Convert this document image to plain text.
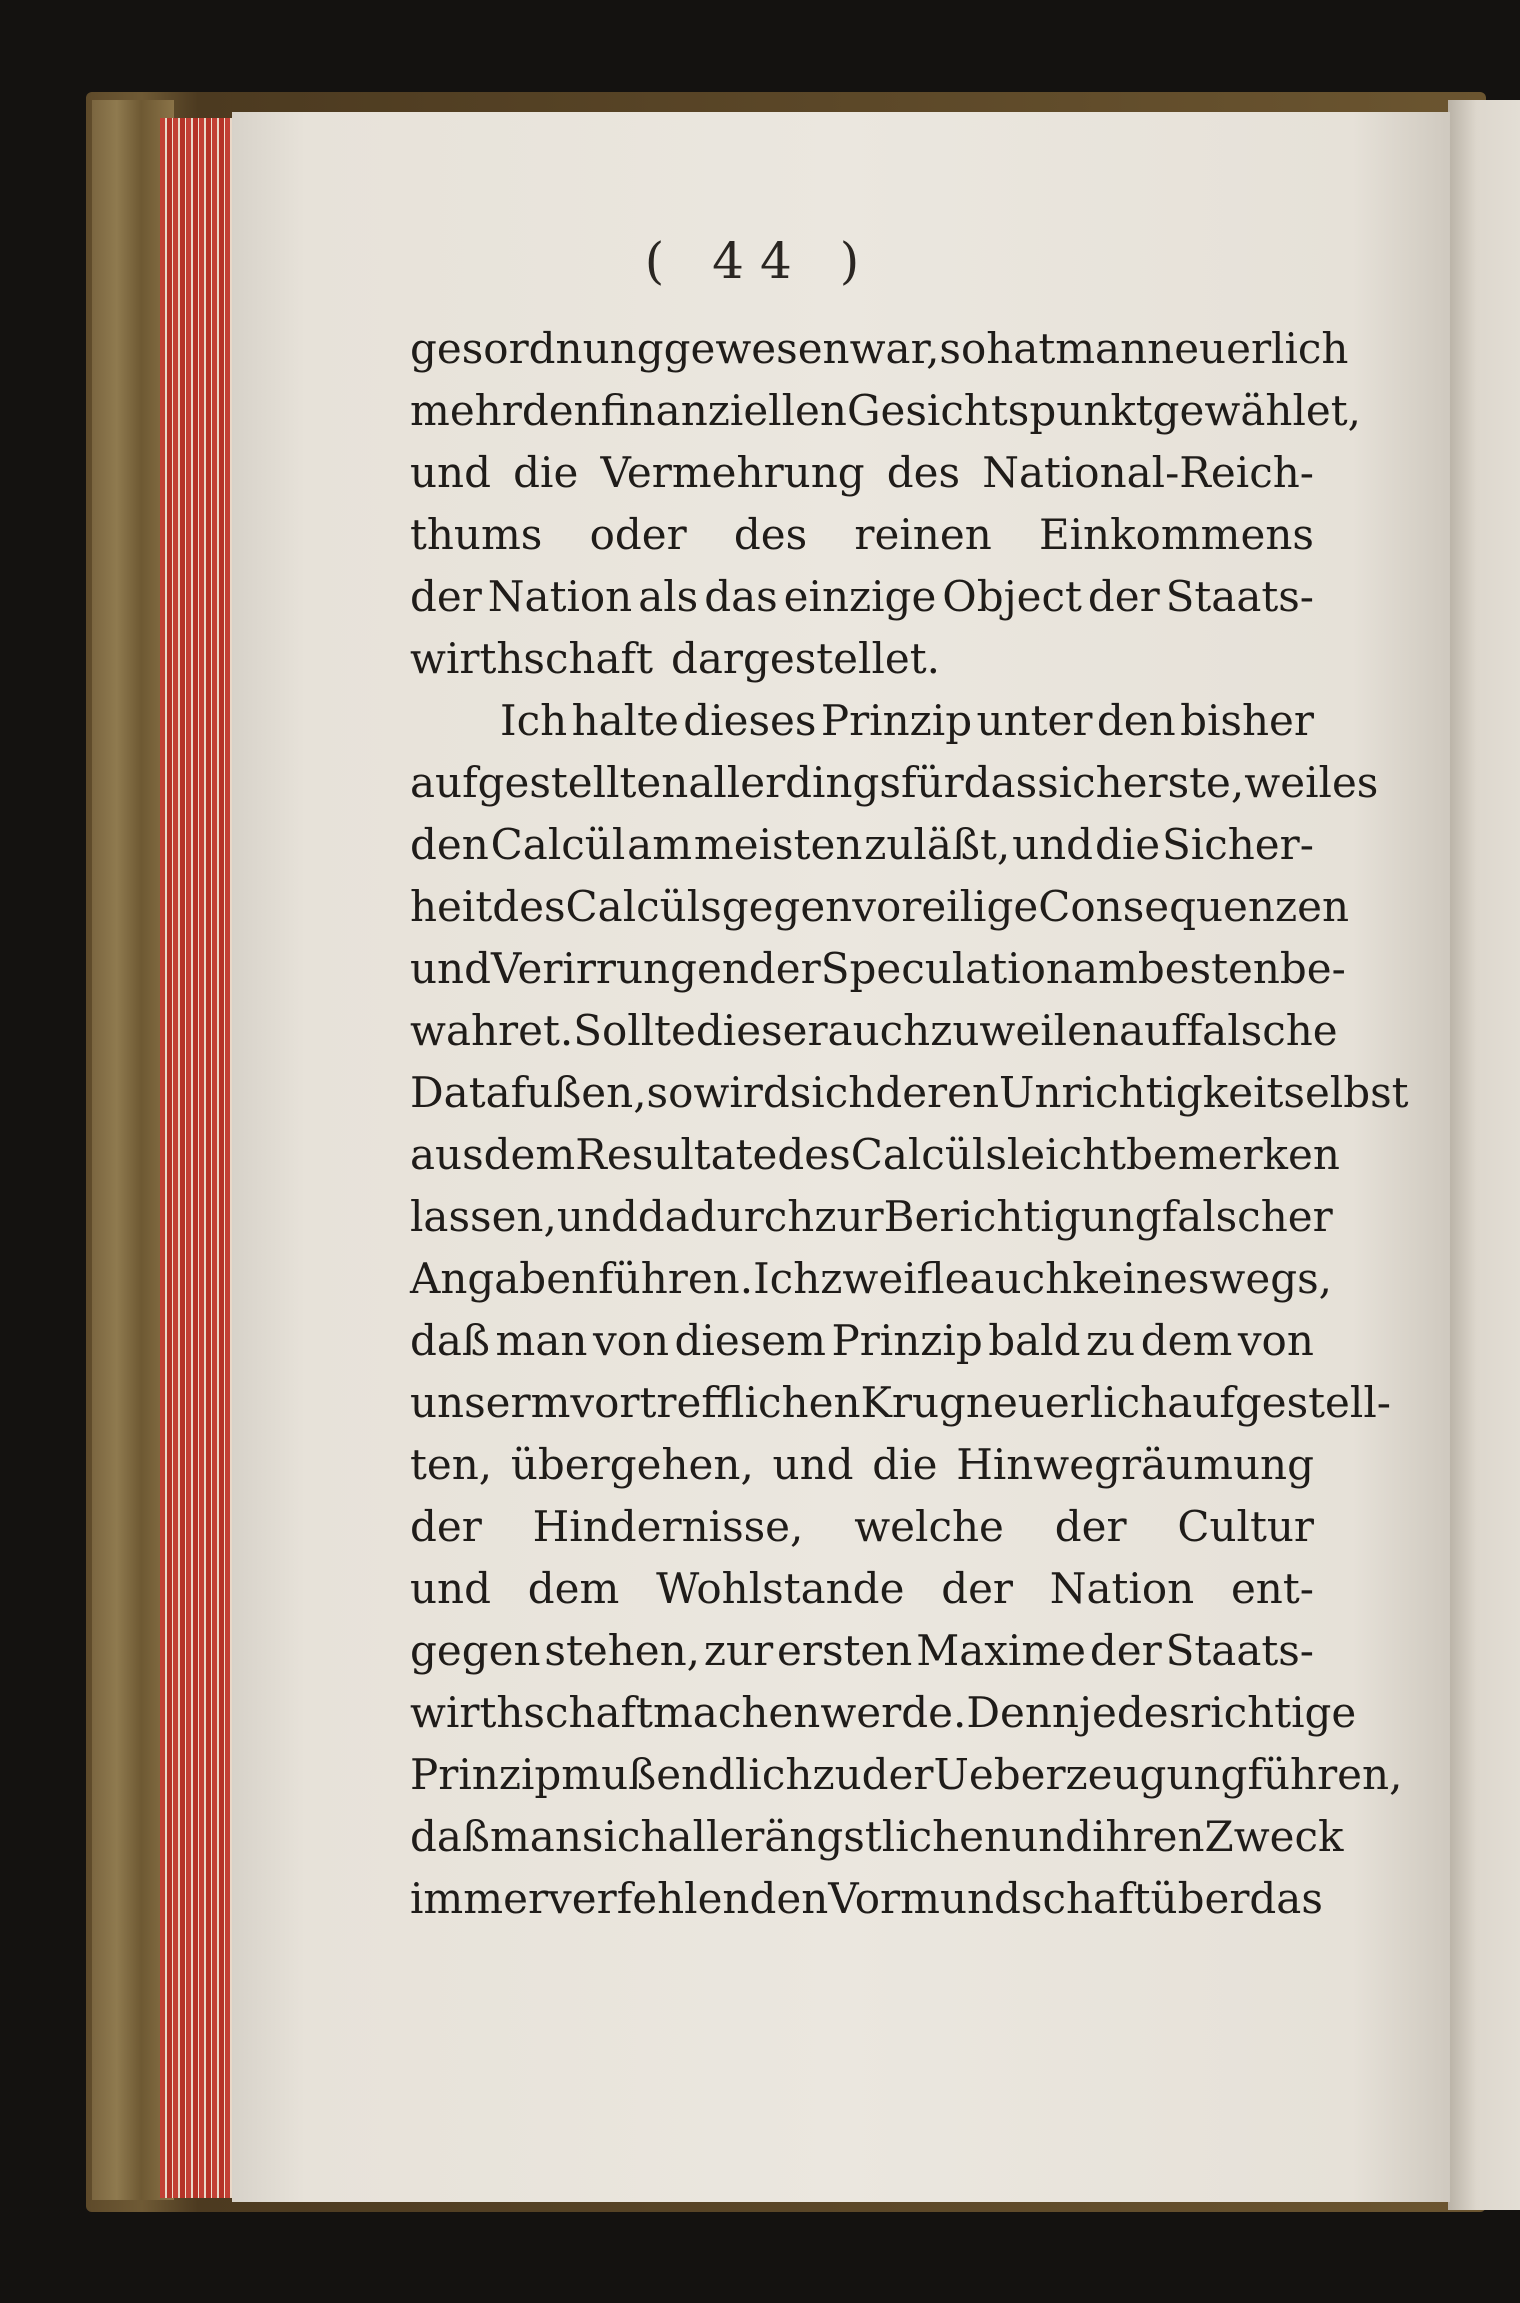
( 44 )
gesordnung gewesen war, so hat man neuerlich
mehr den finanziellen Gesichtspunkt gewählet,
und die Vermehrung des National-Reich-
thums oder des reinen Einkommens
der Nation als das einzige Object der Staats-
wirthschaft dargestellet.
Ich halte dieses Prinzip unter den bisher
aufgestellten allerdings für das sicherste, weil es
den Calcül am meisten zuläßt, und die Sicher-
heit des Calcüls gegen voreilige Consequenzen
und Verirrungen der Speculation am besten be-
wahret. Sollte dieser auch zuweilen auf falsche
Data fußen, so wird sich deren Unrichtigkeit selbst
aus dem Resultate des Calcüls leicht bemerken
lassen, und dadurch zur Berichtigung falscher
Angaben führen. Ich zweifle auch keineswegs,
daß man von diesem Prinzip bald zu dem von
unserm vortrefflichen Krug neuerlich aufgestell-
ten, übergehen, und die Hinwegräumung
der Hindernisse, welche der Cultur
und dem Wohlstande der Nation ent-
gegen stehen, zur ersten Maxime der Staats-
wirthschaft machen werde. Denn jedes richtige
Prinzip muß endlich zu der Ueberzeugung führen,
daß man sich aller ängstlichen und ihren Zweck
immer verfehlenden Vormundschaft über das
